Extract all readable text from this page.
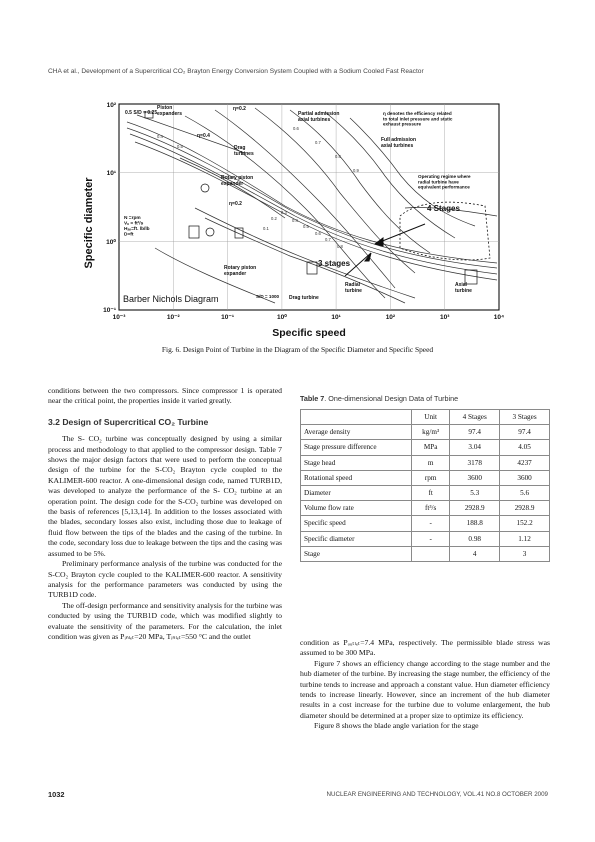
CHA et al., Development of a Supercritical CO₂ Brayton Energy Conversion System Coupled with a Sodium Cooled Fast Reactor
Specific diameter
10⁻³	10⁻²	10⁻¹	10⁰	10¹	10²	10³	10⁴
10²
10¹
10⁰
10⁻¹
Specific speed
0.4
0.5
0.6
0.7
0.8
0.9
0.1
0.2
0.3
0.4
0.5
0.6
0.7
0.8
0.5 S/D = 0.25
Piston expanders
η=0.2
η=0.4
Drag turbines
Partial admission axial turbines
η denotes the efficiency related to total inlet pressure and static exhaust pressure
Full admission axial turbines
Operating regime where radial turbine have equivalent performance
Rotary piston expander
η=0.2	4 Stages
3 stages
N =rpm Vₑ = ft³/s Hₐₑ=ft. lb/lb D=ft
Rotary piston expander
Radial turbine
Axial turbine
Drag turbine
S/D = 1000
Barber Nichols Diagram
Fig. 6. Design Point of Turbine in the Diagram of the Specific Diameter and Specific Speed

conditions between the two compressors. Since compressor 1 is operated near the critical point, the properties inside it varied greatly.

3.2 Design of Supercritical CO₂ Turbine

The S- CO₂ turbine was conceptually designed by using a similar process and methodology to that applied to the compressor design. Table 7 shows the major design factors that were used to perform the conceptual design of the turbine for the S-CO₂ Brayton cycle coupled to the KALIMER-600 reactor. A one-dimensional design code, named TURB1D, was developed to analyze the performance of the S- CO₂ turbine at an operation point. The design code for the S-CO₂ turbine was developed on the basis of references [5,13,14]. In addition to the losses associated with the blades, secondary losses also exist, including those due to leakage of fluid flow between the tips of the blades and the casing of the turbine. In the code, secondary loss due to leakage between the tips and the casing was assumed to be 5%.

Preliminary performance analysis of the turbine was conducted for the S-CO₂ Brayton cycle coupled to the KALIMER-600 reactor. A sensitivity analysis for the performance parameters was conducted by using the TURB1D code.

The off-design performance and sensitivity analysis for the turbine was conducted by using the TURB1D code, which was modified slightly to evaluate the sensitivity of the parameters. For the calculation, the inlet condition was given as Pᵢₙₗₑₜ=20 MPa, Tᵢₙₗₑₜ=550 °C and the outlet

Table 7. One-dimensional Design Data of Turbine
	Unit	4 Stages	3 Stages
Average density	kg/m³	97.4	97.4
Stage pressure difference	MPa	3.04	4.05
Stage head	m	3178	4237
Rotational speed	rpm	3600	3600
Diameter	ft	5.3	5.6
Volume flow rate	ft³/s	2928.9	2928.9
Specific speed	-	188.8	152.2
Specific diameter	-	0.98	1.12
Stage		4	3

condition as Pₒᵤₜₗₑₜ=7.4 MPa, respectively. The permissible blade stress was assumed to be 300 MPa.

Figure 7 shows an efficiency change according to the stage number and the hub diameter of the turbine. By increasing the stage number, the efficiency of the turbine tends to increase and approach a constant value. Hun diameter efficiency tends to increase linearly. However, since an increment of the hub diameter results in a cost increase for the turbine due to volume enlargement, the hub diameter should be determined at a proper size to optimize its efficiency.

Figure 8 shows the blade angle variation for the stage

1032	NUCLEAR ENGINEERING AND TECHNOLOGY, VOL.41 NO.8 OCTOBER 2009
